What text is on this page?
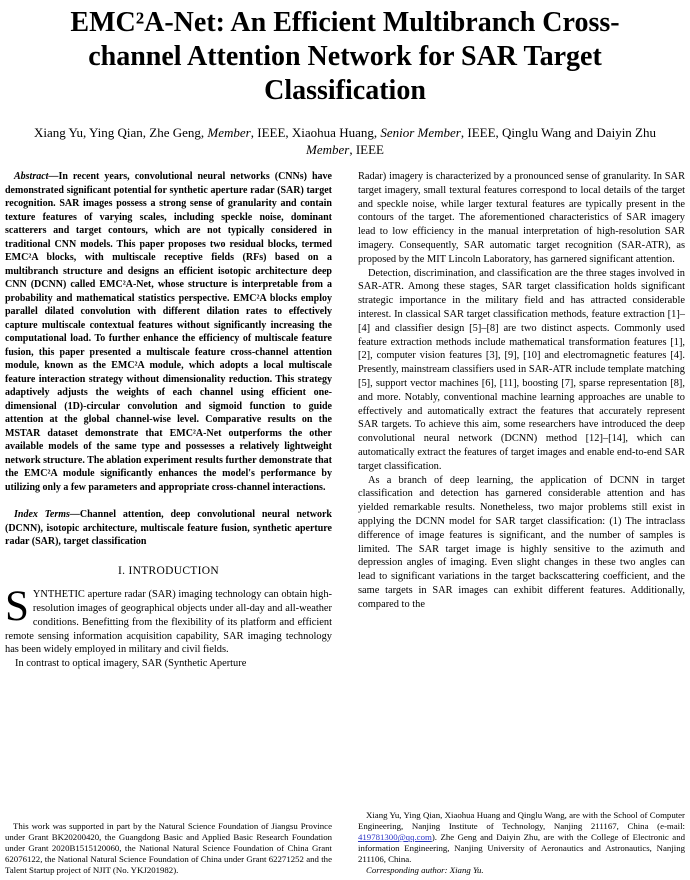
EMC²A-Net: An Efficient Multibranch Cross-
channel Attention Network for SAR Target
Classification
Xiang Yu, Ying Qian, Zhe Geng, Member, IEEE, Xiaohua Huang, Senior Member, IEEE, Qinglu Wang and Daiyin Zhu Member, IEEE

Abstract—In recent years, convolutional neural networks (CNNs) have demonstrated significant potential for synthetic aperture radar (SAR) target recognition. SAR images possess a strong sense of granularity and contain texture features of varying scales, including speckle noise, dominant scatterers and target contours, which are not typically considered in traditional CNN models. This paper proposes two residual blocks, termed EMC²A blocks, with multiscale receptive fields (RFs) based on a multibranch structure and designs an efficient isotopic architecture deep CNN (DCNN) called EMC²A-Net, whose structure is interpretable from a probability and mathematical statistics perspective. EMC²A blocks employ parallel dilated convolution with different dilation rates to effectively capture multiscale contextual features without significantly increasing the computational load. To further enhance the efficiency of multiscale feature fusion, this paper presented a multiscale feature cross-channel attention module, known as the EMC²A module, which adopts a local multiscale feature interaction strategy without dimensionality reduction. This strategy adaptively adjusts the weights of each channel using efficient one-dimensional (1D)-circular convolution and sigmoid function to guide attention at the global channel-wise level. Comparative results on the MSTAR dataset demonstrate that EMC²A-Net outperforms the other available models of the same type and possesses a relatively lightweight network structure. The ablation experiment results further demonstrate that the EMC²A module significantly enhances the model's performance by utilizing only a few parameters and appropriate cross-channel interactions.

Index Terms—Channel attention, deep convolutional neural network (DCNN), isotopic architecture, multiscale feature fusion, synthetic aperture radar (SAR), target classification

I. INTRODUCTION

SYNTHETIC aperture radar (SAR) imaging technology can obtain high-resolution images of geographical objects under all-day and all-weather conditions. Benefitting from the flexibility of its platform and efficient remote sensing information acquisition capability, SAR imaging technology has been widely employed in military and civil fields.

In contrast to optical imagery, SAR (Synthetic Aperture

This work was supported in part by the Natural Science Foundation of Jiangsu Province under Grant BK20200420, the Guangdong Basic and Applied Basic Research Foundation under Grant 2020B1515120060, the National Natural Science Foundation of China Grant 62076122, the National Natural Science Foundation of China under Grant 62271252 and the Talent Startup project of NJIT (No. YKJ201982).

Radar) imagery is characterized by a pronounced sense of granularity. In SAR target imagery, small textural features correspond to local details of the target and speckle noise, while larger textural features are typically present in the contours of the target. The aforementioned characteristics of SAR imagery lead to low efficiency in the manual interpretation of high-resolution SAR imagery. Consequently, SAR automatic target recognition (SAR-ATR), as proposed by the MIT Lincoln Laboratory, has garnered significant attention.

Detection, discrimination, and classification are the three stages involved in SAR-ATR. Among these stages, SAR target classification holds significant strategic importance in the military field and has attracted considerable interest. In classical SAR target classification methods, feature extraction [1]–[4] and classifier design [5]–[8] are two distinct aspects. Commonly used feature extraction methods include mathematical transformation features [1], [2], computer vision features [3], [9], [10] and electromagnetic features [4]. Presently, mainstream classifiers used in SAR-ATR include template matching [5], support vector machines [6], [11], boosting [7], sparse representation [8], and more. Notably, conventional machine learning approaches are unable to effectively and automatically extract the features that accurately represent SAR targets. To achieve this aim, some researchers have introduced the deep convolutional neural network (DCNN) method [12]–[14], which can automatically extract the features of target images and enable end-to-end SAR target classification.

As a branch of deep learning, the application of DCNN in target classification and detection has garnered considerable attention and has yielded remarkable results. Nonetheless, two major problems still exist in applying the DCNN model for SAR target classification: (1) The intraclass difference of image features is significant, and the number of samples is limited. The SAR target image is highly sensitive to the azimuth and depression angles of imaging. Even slight changes in these two angles can lead to significant variations in the target backscattering coefficient, and the same targets in SAR images can exhibit different features. Additionally, compared to the

Xiang Yu, Ying Qian, Xiaohua Huang and Qinglu Wang, are with the School of Computer Engineering, Nanjing Institute of Technology, Nanjing 211167, China (e-mail: 419781300@qq.com). Zhe Geng and Daiyin Zhu, are with the College of Electronic and information Engineering, Nanjing University of Aeronautics and Astronautics, Nanjing 211106, China.

Corresponding author: Xiang Yu.
